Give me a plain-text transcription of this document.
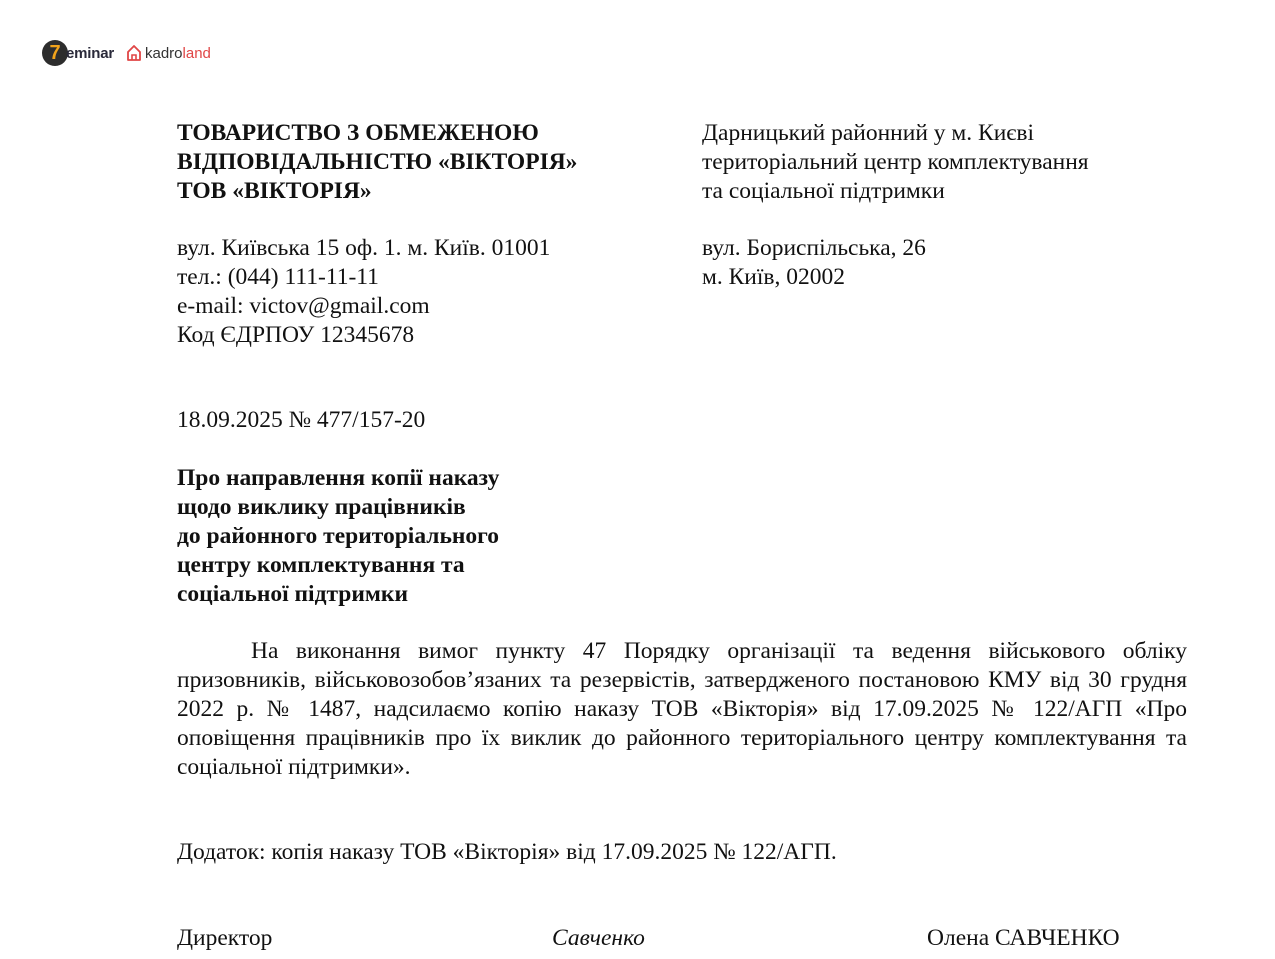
7 eminar kadroland
ТОВАРИСТВО З ОБМЕЖЕНОЮ
ВІДПОВІДАЛЬНІСТЮ «ВІКТОРІЯ»
ТОВ «ВІКТОРІЯ»
вул. Київська 15 оф. 1. м. Київ. 01001
тел.: (044) 111-11-11
e-mail: victov@gmail.com
Код ЄДРПОУ 12345678
Дарницький районний у м. Києві
територіальний центр комплектування
та соціальної підтримки
вул. Бориспільська, 26
м. Київ, 02002
18.09.2025 № 477/157-20
Про направлення копії наказу
щодо виклику працівників
до районного територіального
центру комплектування та
соціальної підтримки
На виконання вимог пункту 47 Порядку організації та ведення військового обліку призовників, військовозобов’язаних та резервістів, затвердженого постановою КМУ від 30 грудня 2022 р. № 1487, надсилаємо копію наказу ТОВ «Вікторія» від 17.09.2025 № 122/АГП «Про оповіщення працівників про їх виклик до районного територіального центру комплектування та соціальної підтримки».
Додаток: копія наказу ТОВ «Вікторія» від 17.09.2025 № 122/АГП.
Директор	Савченко	Олена САВЧЕНКО
